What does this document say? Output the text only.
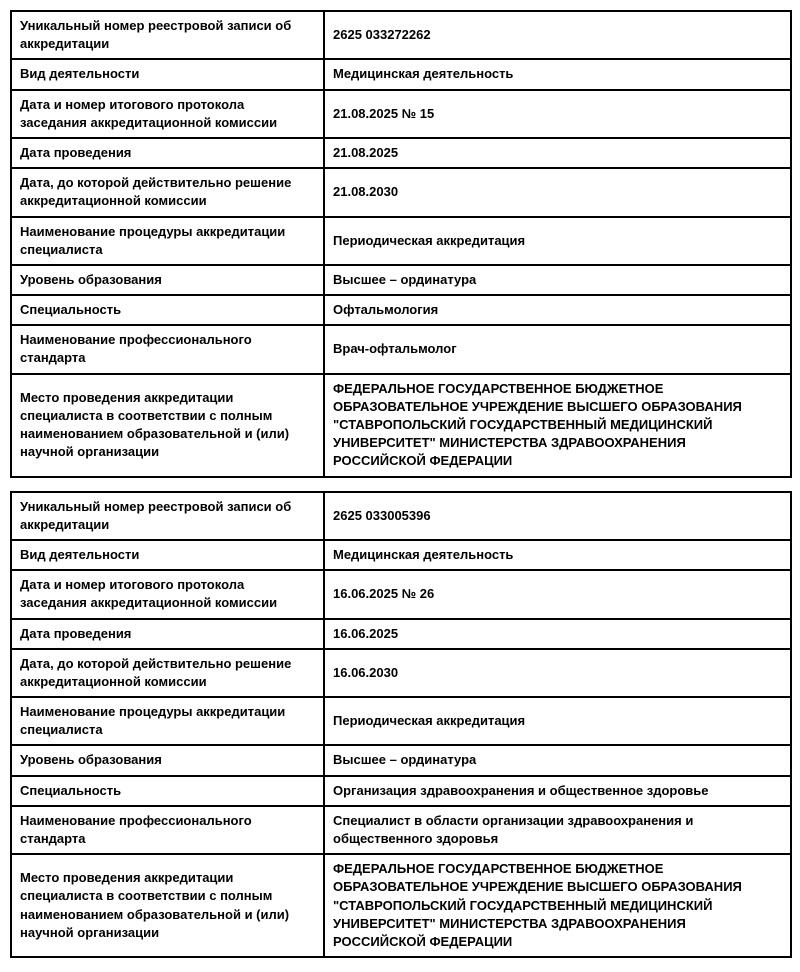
Уникальный номер реестровой записи об аккредитации	2625 033272262
Вид деятельности	Медицинская деятельность
Дата и номер итогового протокола заседания аккредитационной комиссии	21.08.2025 № 15
Дата проведения	21.08.2025
Дата, до которой действительно решение аккредитационной комиссии	21.08.2030
Наименование процедуры аккредитации специалиста	Периодическая аккредитация
Уровень образования	Высшее – ординатура
Специальность	Офтальмология
Наименование профессионального стандарта	Врач-офтальмолог
Место проведения аккредитации специалиста в соответствии с полным наименованием образовательной и (или) научной организации	ФЕДЕРАЛЬНОЕ ГОСУДАРСТВЕННОЕ БЮДЖЕТНОЕ ОБРАЗОВАТЕЛЬНОЕ УЧРЕЖДЕНИЕ ВЫСШЕГО ОБРАЗОВАНИЯ "СТАВРОПОЛЬСКИЙ ГОСУДАРСТВЕННЫЙ МЕДИЦИНСКИЙ УНИВЕРСИТЕТ" МИНИСТЕРСТВА ЗДРАВООХРАНЕНИЯ РОССИЙСКОЙ ФЕДЕРАЦИИ
Уникальный номер реестровой записи об аккредитации	2625 033005396
Вид деятельности	Медицинская деятельность
Дата и номер итогового протокола заседания аккредитационной комиссии	16.06.2025 № 26
Дата проведения	16.06.2025
Дата, до которой действительно решение аккредитационной комиссии	16.06.2030
Наименование процедуры аккредитации специалиста	Периодическая аккредитация
Уровень образования	Высшее – ординатура
Специальность	Организация здравоохранения и общественное здоровье
Наименование профессионального стандарта	Специалист в области организации здравоохранения и общественного здоровья
Место проведения аккредитации специалиста в соответствии с полным наименованием образовательной и (или) научной организации	ФЕДЕРАЛЬНОЕ ГОСУДАРСТВЕННОЕ БЮДЖЕТНОЕ ОБРАЗОВАТЕЛЬНОЕ УЧРЕЖДЕНИЕ ВЫСШЕГО ОБРАЗОВАНИЯ "СТАВРОПОЛЬСКИЙ ГОСУДАРСТВЕННЫЙ МЕДИЦИНСКИЙ УНИВЕРСИТЕТ" МИНИСТЕРСТВА ЗДРАВООХРАНЕНИЯ РОССИЙСКОЙ ФЕДЕРАЦИИ
